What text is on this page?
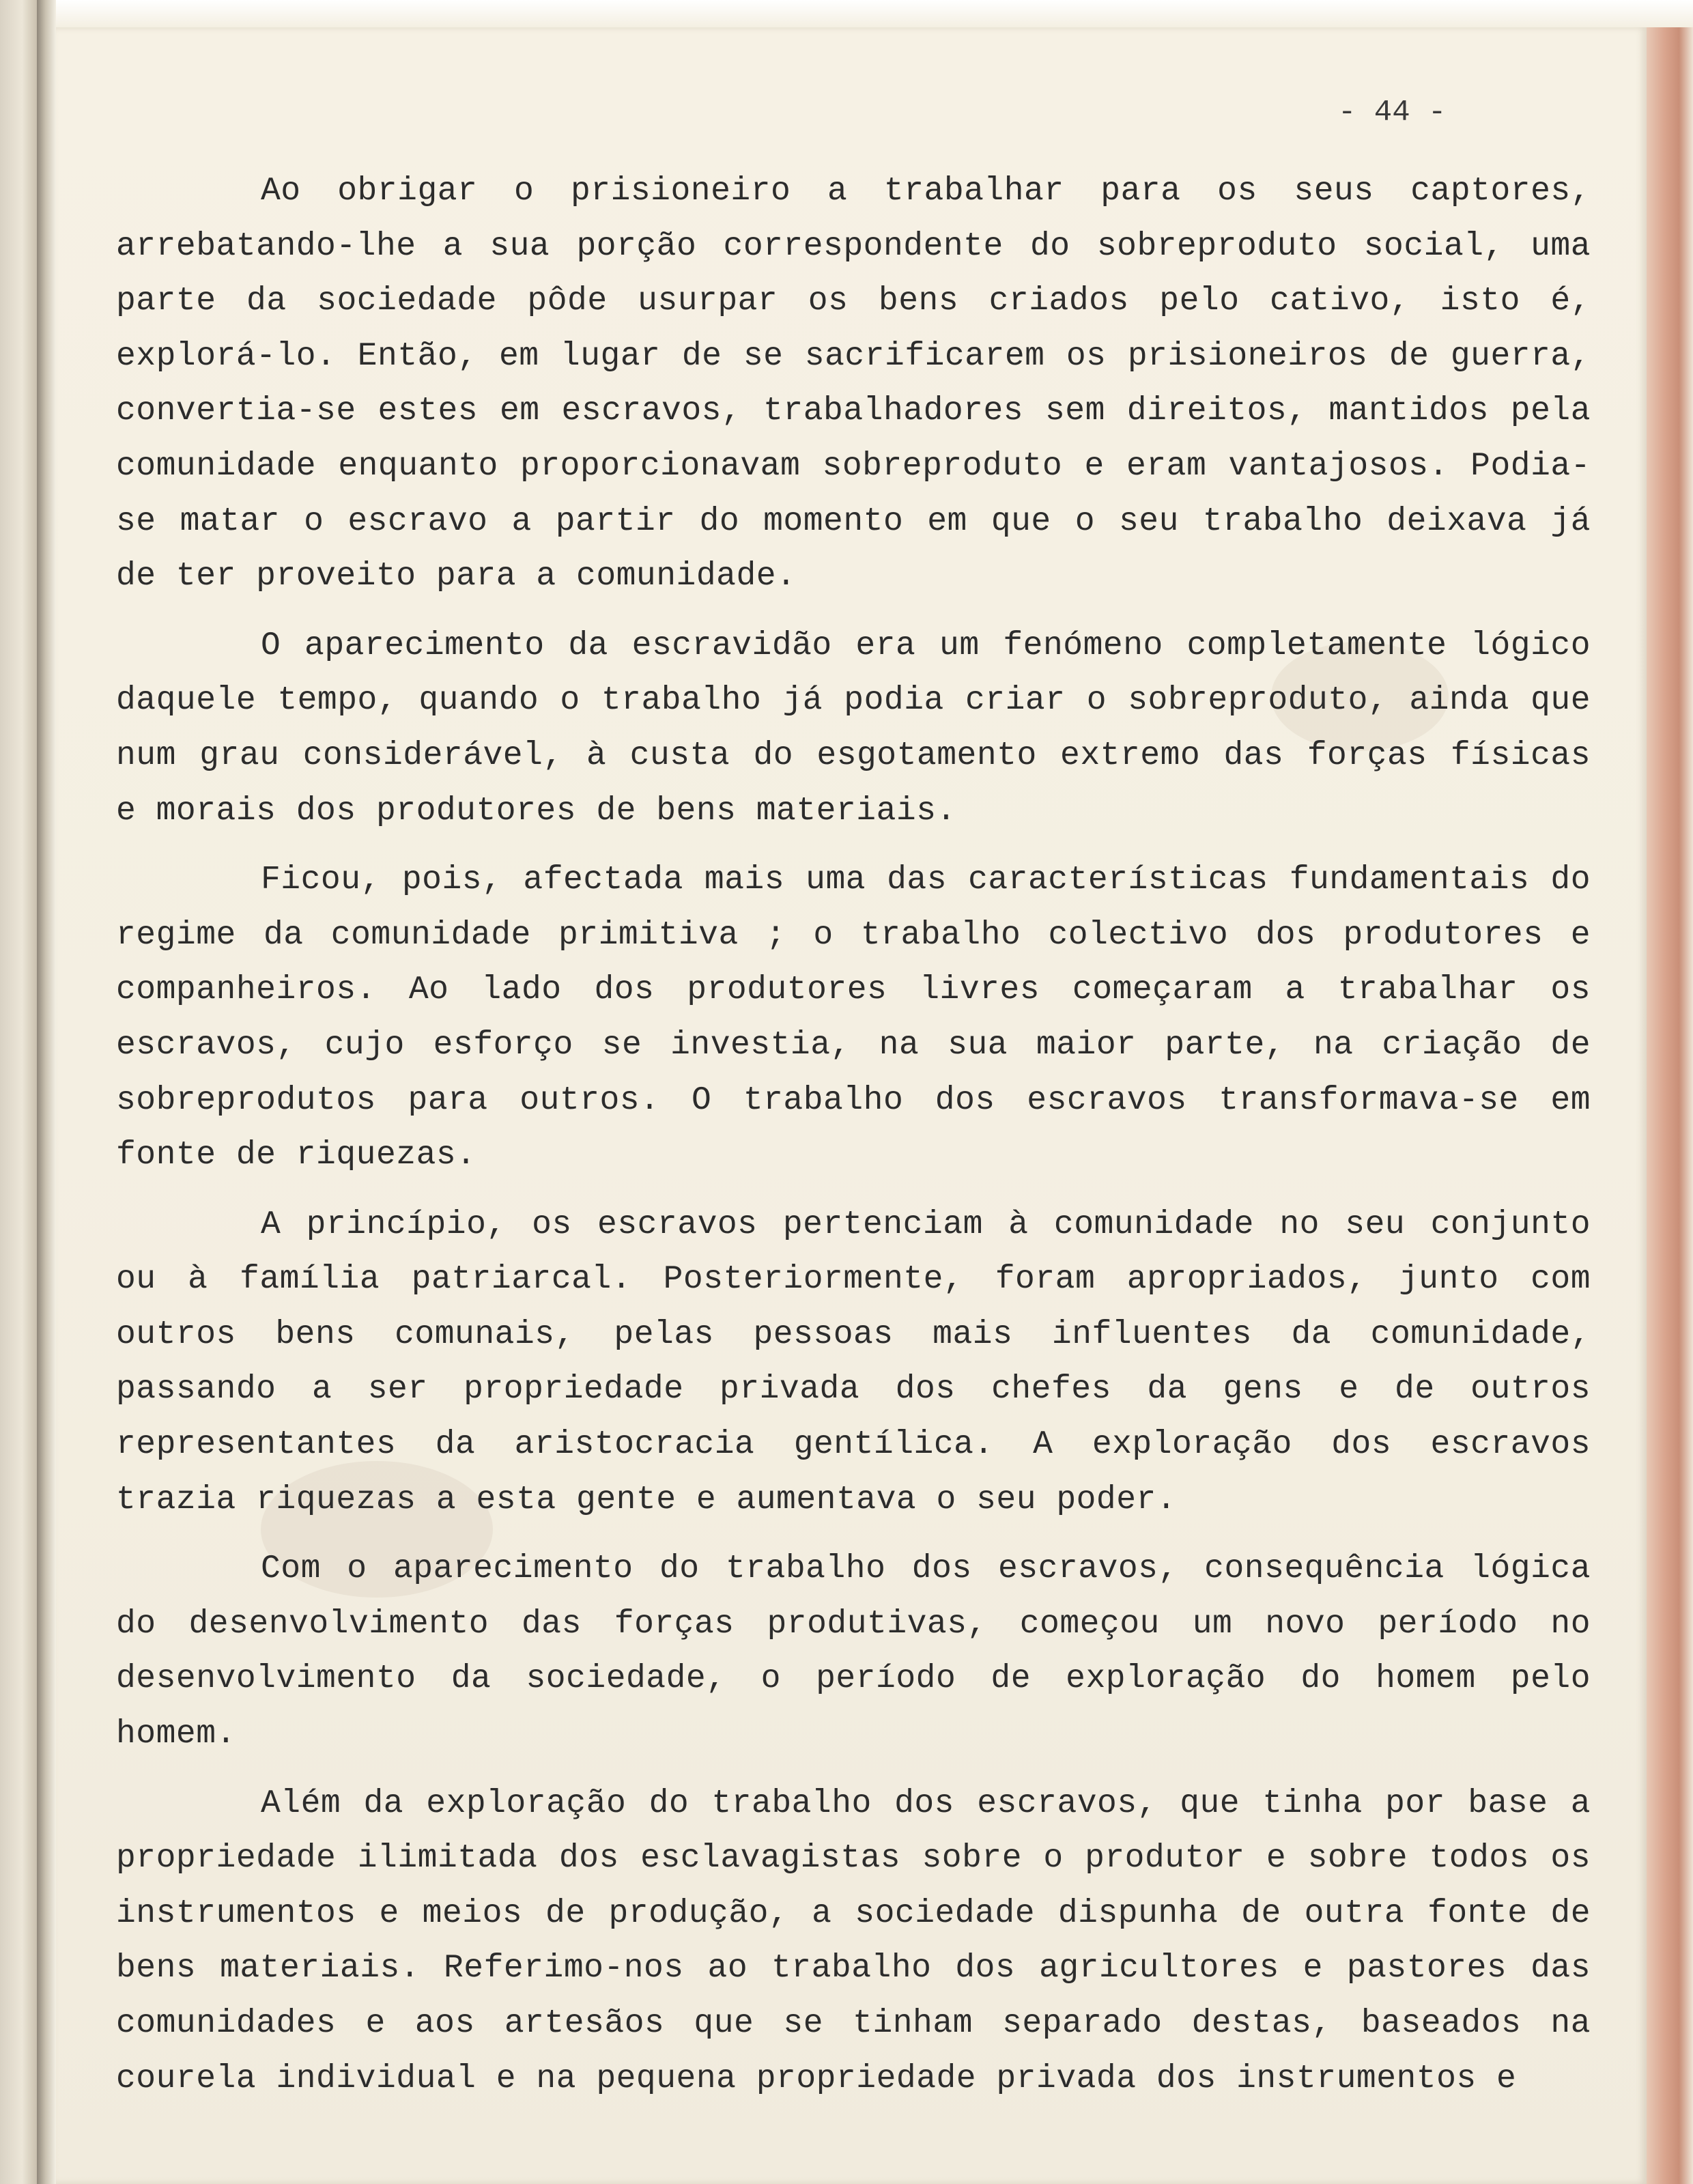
- 44 -

Ao obrigar o prisioneiro a trabalhar para os seus captores, arrebatando-lhe a sua porção correspondente do sobreproduto social, uma parte da sociedade pôde usurpar os bens criados pelo cativo, isto é, explorá-lo. Então, em lugar de se sacrificarem os prisioneiros de guerra, convertia-se estes em escravos, trabalhadores sem direitos, mantidos pela comunidade enquanto proporcionavam sobreproduto e eram vantajosos. Podia-se matar o escravo a partir do momento em que o seu trabalho deixava já de ter proveito para a comunidade.

O aparecimento da escravidão era um fenómeno completamente lógico daquele tempo, quando o trabalho já podia criar o sobreproduto, ainda que num grau considerável, à custa do esgotamento extremo das forças físicas e morais dos produtores de bens materiais.

Ficou, pois, afectada mais uma das características fundamentais do regime da comunidade primitiva ; o trabalho colectivo dos produtores e companheiros. Ao lado dos produtores livres começaram a trabalhar os escravos, cujo esforço se investia, na sua maior parte, na criação de sobreprodutos para outros. O trabalho dos escravos transformava-se em fonte de riquezas.

A princípio, os escravos pertenciam à comunidade no seu conjunto ou à família patriarcal. Posteriormente, foram apropriados, junto com outros bens comunais, pelas pessoas mais influentes da comunidade, passando a ser propriedade privada dos chefes da gens e de outros representantes da aristocracia gentílica. A exploração dos escravos trazia riquezas a esta gente e aumentava o seu poder.

Com o aparecimento do trabalho dos escravos, consequência lógica do desenvolvimento das forças produtivas, começou um novo período no desenvolvimento da sociedade, o período de exploração do homem pelo homem.

Além da exploração do trabalho dos escravos, que tinha por base a propriedade ilimitada dos esclavagistas sobre o produtor e sobre todos os instrumentos e meios de produção, a sociedade dispunha de outra fonte de bens materiais. Referimo-nos ao trabalho dos agricultores e pastores das comunidades e aos artesãos que se tinham separado destas, baseados na courela individual e na pequena propriedade privada dos instrumentos e
